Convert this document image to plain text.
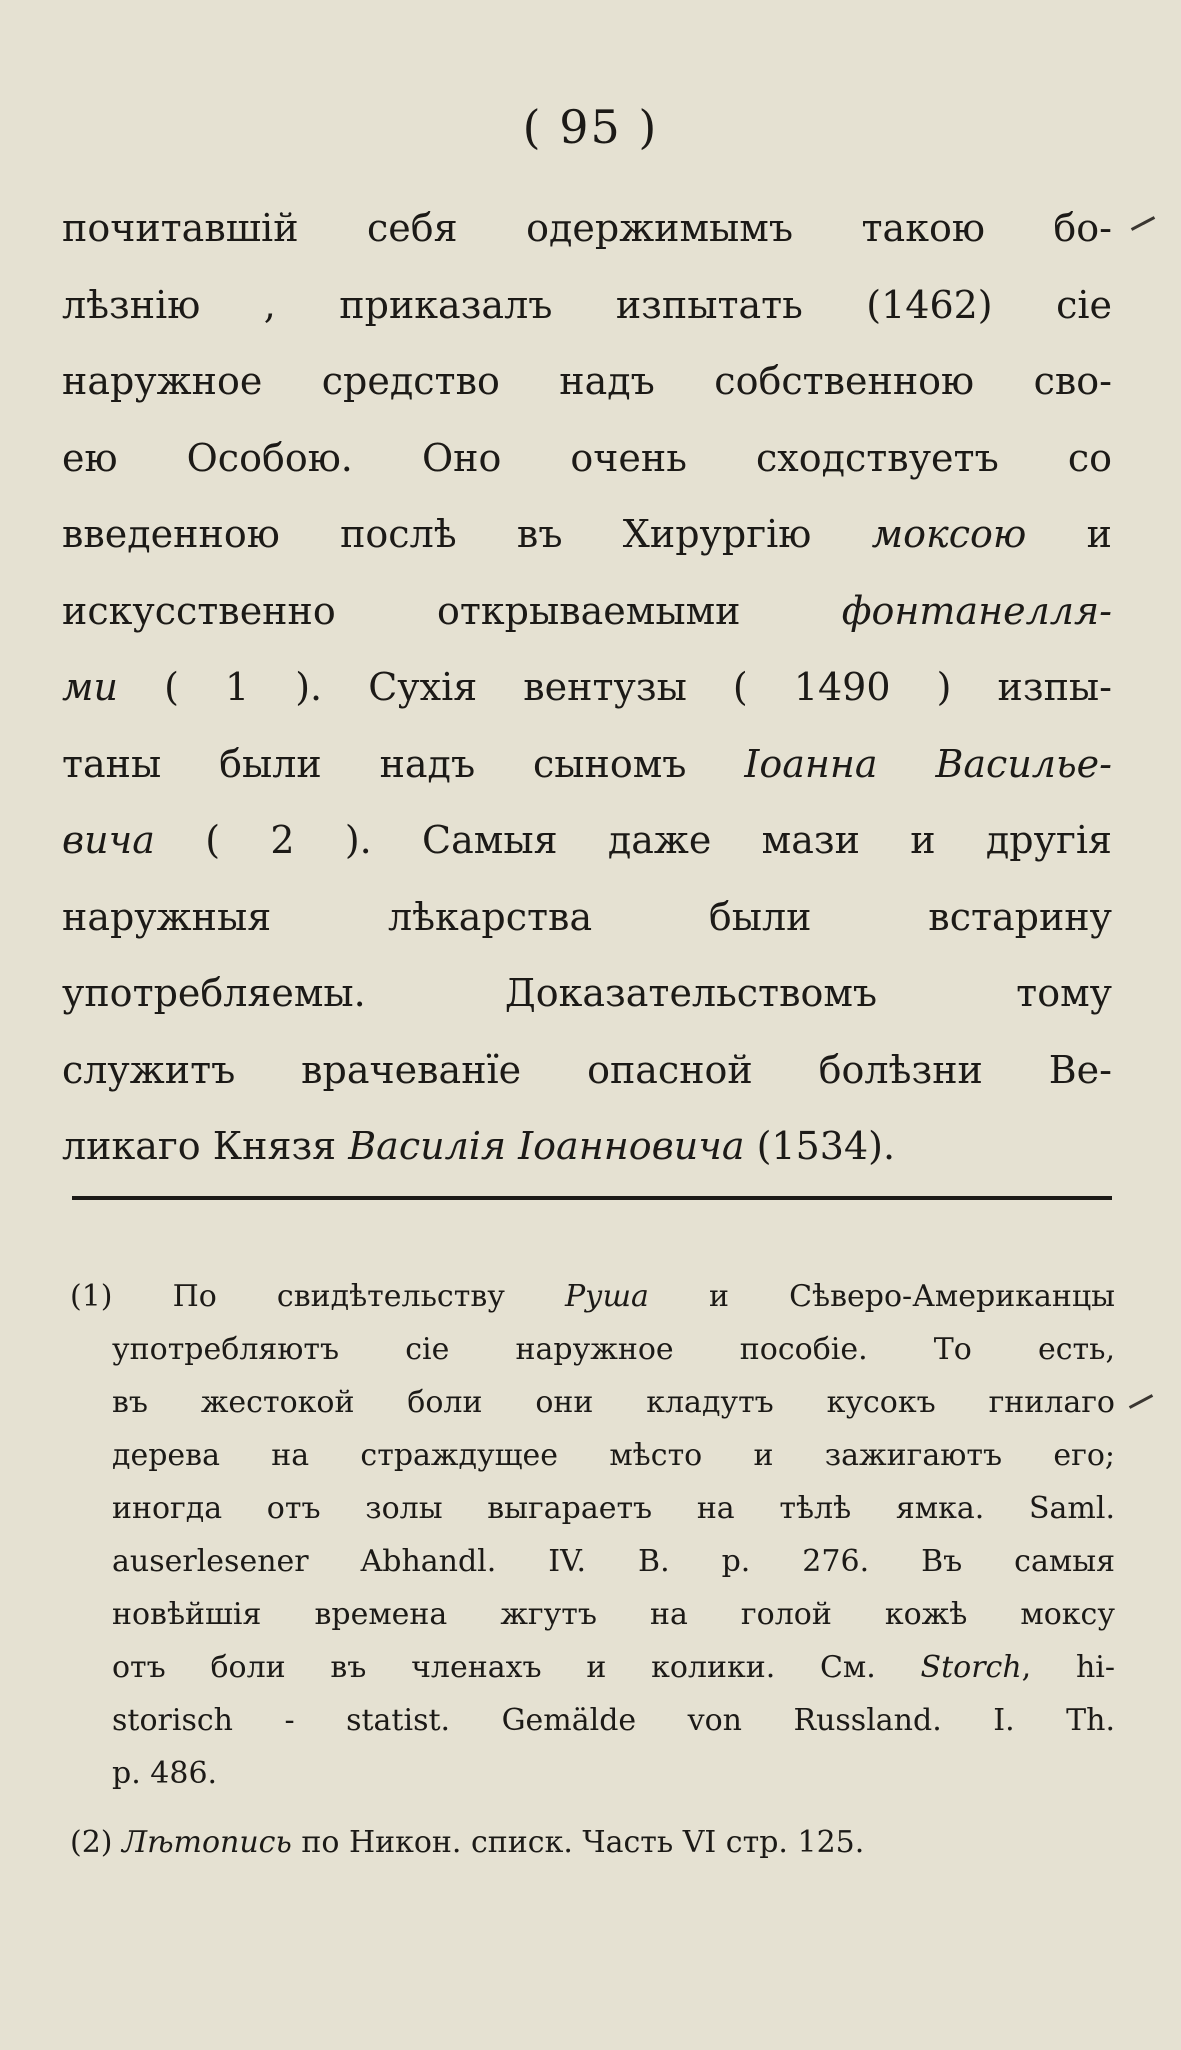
( 95 )
почитавшій себя одержимымъ такою бо-
лѣзнію , приказалъ изпытать (1462) сіе
наружное средство надъ собственною сво-
ею Особою. Оно очень сходствуетъ со
введенною послѣ въ Хирургію моксою и
искусственно открываемыми фонтанелля-
ми ( 1 ). Сухія вентузы ( 1490 ) изпы-
таны были надъ сыномъ Іоанна Василье-
вича ( 2 ). Самыя даже мази и другія
наружныя лѣкарства были встарину
употребляемы. Доказательствомъ тому
служитъ врачеванїе опасной болѣзни Ве-
ликаго Князя Василія Іоанновича (1534).
(1) По свидѣтельству Руша и Сѣверо-Американцы
употребляютъ сіе наружное пособіе. То есть,
въ жестокой боли они кладутъ кусокъ гнилаго
дерева на страждущее мѣсто и зажигаютъ его;
иногда отъ золы выгараетъ на тѣлѣ ямка. Saml.
auserlesener Abhandl. IV. B. p. 276. Въ самыя
новѣйшія времена жгутъ на голой кожѣ моксу
отъ боли въ членахъ и колики. См. Storch, hi-
storisch - statist. Gemälde von Russland. I. Th.
p. 486.
(2) Лѣтопись по Никон. списк. Часть VI стр. 125.
